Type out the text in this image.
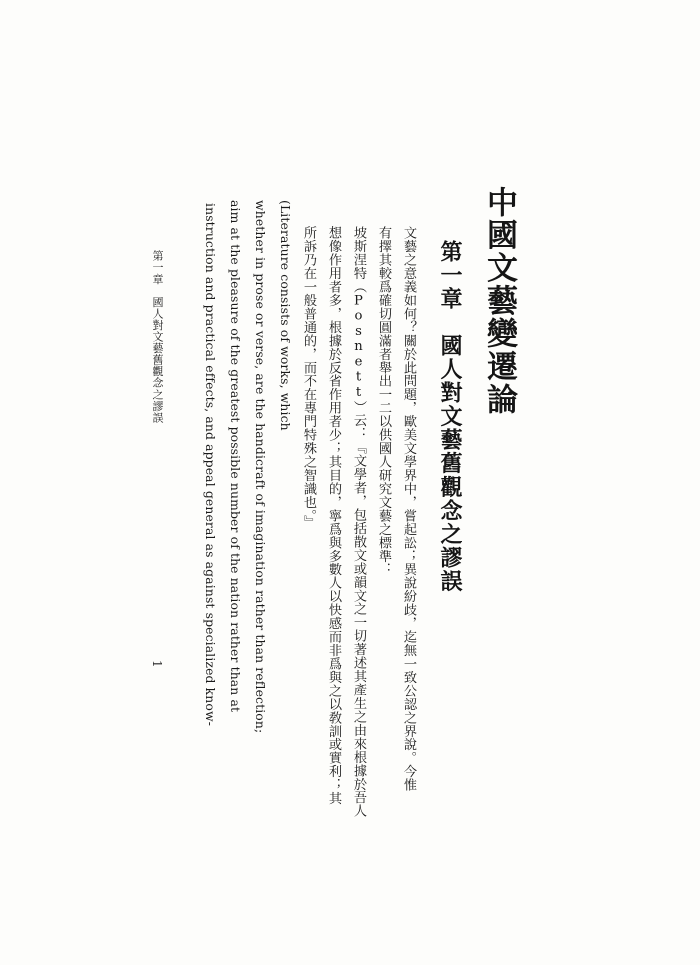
中國文藝變遷論
第一章　國人對文藝舊觀念之謬誤
文藝之意義如何？關於此問題，歐美文學界中，嘗起訟；異說紛歧，迄無一致公認之界說。今惟
有擇其較爲確切圓滿者舉出一二以供國人研究文藝之標準：
坡斯涅特（Posnett）云：『文學者，包括散文或韻文之一切著述其產生之由來根據於吾人
想像作用者多，根據於反省作用者少；其目的，寧爲與多數人以快感而非爲與之以敎訓或實利；其
所訴乃在一般普通的，而不在專門特殊之智識也。』
(Literature consists of works, which
whether in prose or verse, are the handicraft of imagination rather than reflection;
aim at the pleasure of the greatest possible number of the nation rather than at
instruction and practical effects, and appeal general as against specialized know-
第一章　國人對文藝舊觀念之謬誤
1
